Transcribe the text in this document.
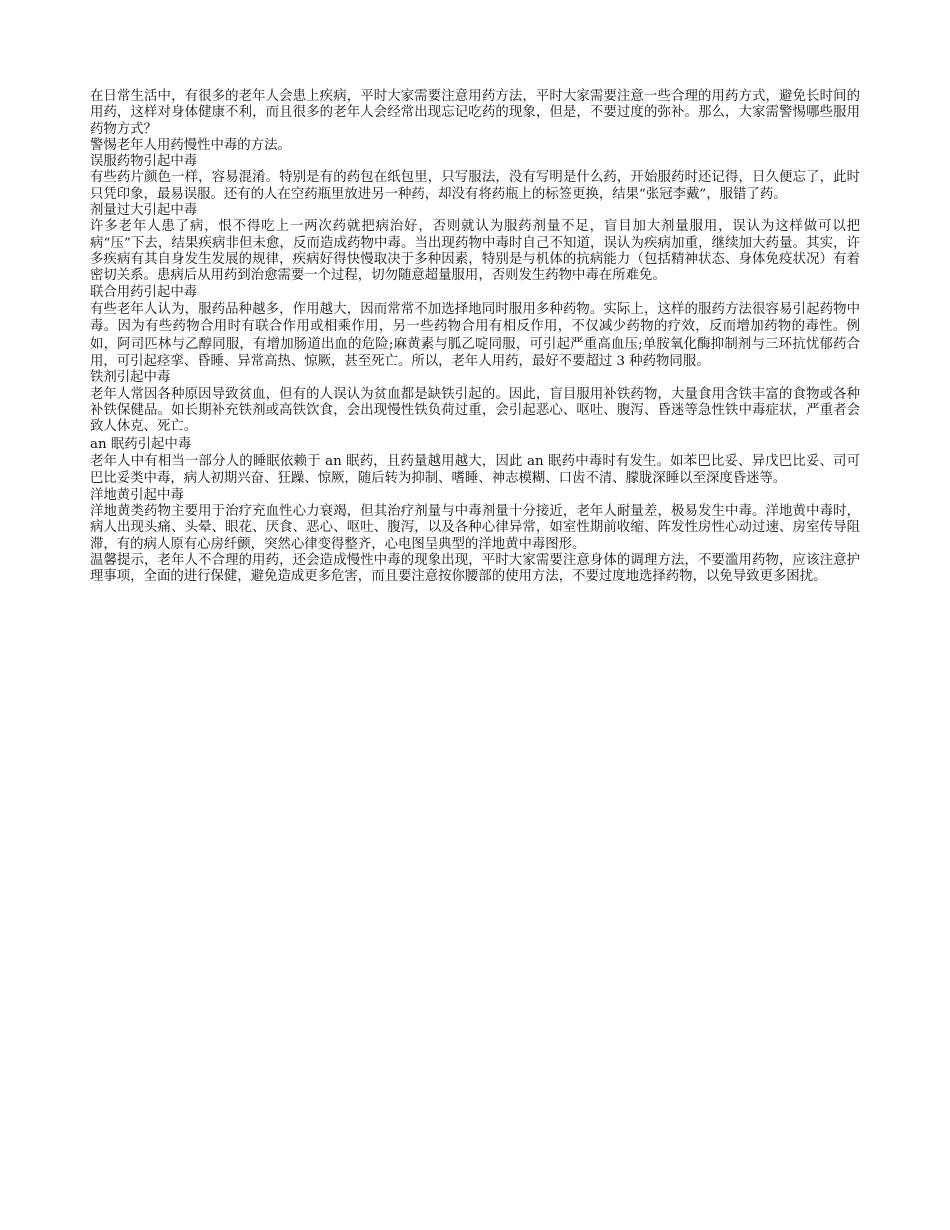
在日常生活中，有很多的老年人会患上疾病，平时大家需要注意用药方法，平时大家需要注意一些合理的用药方式，避免长时间的用药，这样对身体健康不利，而且很多的老年人会经常出现忘记吃药的现象，但是，不要过度的弥补。那么，大家需警惕哪些服用药物方式？

警惕老年人用药慢性中毒的方法。

误服药物引起中毒

有些药片颜色一样，容易混淆。特别是有的药包在纸包里，只写服法，没有写明是什么药，开始服药时还记得，日久便忘了，此时只凭印象，最易误服。还有的人在空药瓶里放进另一种药，却没有将药瓶上的标签更换，结果“张冠李戴”，服错了药。

剂量过大引起中毒

许多老年人患了病，恨不得吃上一两次药就把病治好，否则就认为服药剂量不足，盲目加大剂量服用，误认为这样做可以把病“压”下去，结果疾病非但未愈，反而造成药物中毒。当出现药物中毒时自己不知道，误认为疾病加重，继续加大药量。其实，许多疾病有其自身发生发展的规律，疾病好得快慢取决于多种因素，特别是与机体的抗病能力（包括精神状态、身体免疫状况）有着密切关系。患病后从用药到治愈需要一个过程，切勿随意超量服用，否则发生药物中毒在所难免。

联合用药引起中毒

有些老年人认为，服药品种越多，作用越大，因而常常不加选择地同时服用多种药物。实际上，这样的服药方法很容易引起药物中毒。因为有些药物合用时有联合作用或相乘作用，另一些药物合用有相反作用，不仅减少药物的疗效，反而增加药物的毒性。例如，阿司匹林与乙醇同服，有增加肠道出血的危险;麻黄素与胍乙啶同服，可引起严重高血压;单胺氧化酶抑制剂与三环抗忧郁药合用，可引起痉挛、昏睡、异常高热、惊厥，甚至死亡。所以，老年人用药，最好不要超过 3 种药物同服。

铁剂引起中毒

老年人常因各种原因导致贫血，但有的人误认为贫血都是缺铁引起的。因此，盲目服用补铁药物，大量食用含铁丰富的食物或各种补铁保健品。如长期补充铁剂或高铁饮食，会出现慢性铁负荷过重，会引起恶心、呕吐、腹泻、昏迷等急性铁中毒症状，严重者会致人休克、死亡。

an 眠药引起中毒

老年人中有相当一部分人的睡眠依赖于 an 眠药，且药量越用越大，因此 an 眠药中毒时有发生。如苯巴比妥、异戊巴比妥、司可巴比妥类中毒，病人初期兴奋、狂躁、惊厥，随后转为抑制、嗜睡、神志模糊、口齿不清、朦胧深睡以至深度昏迷等。

洋地黄引起中毒

洋地黄类药物主要用于治疗充血性心力衰竭，但其治疗剂量与中毒剂量十分接近，老年人耐量差，极易发生中毒。洋地黄中毒时，病人出现头痛、头晕、眼花、厌食、恶心、呕吐、腹泻，以及各种心律异常，如室性期前收缩、阵发性房性心动过速、房室传导阻滞，有的病人原有心房纤颤，突然心律变得整齐，心电图呈典型的洋地黄中毒图形。

温馨提示，老年人不合理的用药，还会造成慢性中毒的现象出现，平时大家需要注意身体的调理方法，不要滥用药物，应该注意护理事项，全面的进行保健，避免造成更多危害，而且要注意按你腰部的使用方法，不要过度地选择药物，以免导致更多困扰。
